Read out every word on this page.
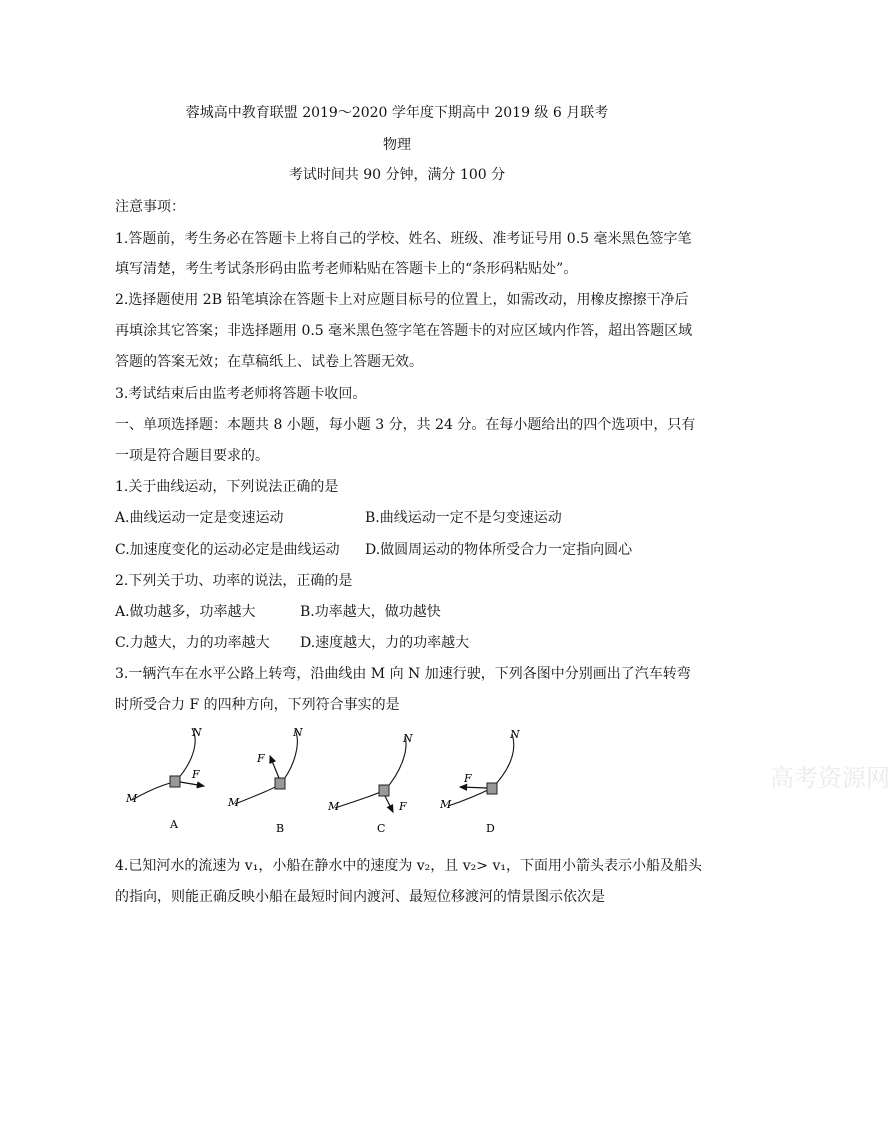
蓉城高中教育联盟 2019～2020 学年度下期高中 2019 级 6 月联考
物理
考试时间共 90 分钟，满分 100 分
注意事项：
1.答题前，考生务必在答题卡上将自己的学校、姓名、班级、准考证号用 0.5 毫米黑色签字笔
填写清楚，考生考试条形码由监考老师粘贴在答题卡上的“条形码粘贴处”。
2.选择题使用 2B 铅笔填涂在答题卡上对应题目标号的位置上，如需改动，用橡皮擦擦干净后
再填涂其它答案；非选择题用 0.5 毫米黑色签字笔在答题卡的对应区域内作答，超出答题区域
答题的答案无效；在草稿纸上、试卷上答题无效。
3.考试结束后由监考老师将答题卡收回。
一、单项选择题：本题共 8 小题，每小题 3 分，共 24 分。在每小题给出的四个选项中，只有
一项是符合题目要求的。
1.关于曲线运动，下列说法正确的是
A.曲线运动一定是变速运动	B.曲线运动一定不是匀变速运动
C.加速度变化的运动必定是曲线运动 D.做圆周运动的物体所受合力一定指向圆心
2.下列关于功、功率的说法，正确的是
A.做功越多，功率越大	B.功率越大，做功越快
C.力越大，力的功率越大 D.速度越大，力的功率越大
3.一辆汽车在水平公路上转弯，沿曲线由 M 向 N 加速行驶，下列各图中分别画出了汽车转弯
时所受合力 F 的四种方向，下列符合事实的是
M
N
F
A
M
N
F
B
M
N
F
C
M
N
F
D
4.已知河水的流速为 v₁，小船在静水中的速度为 v₂，且 v₂> v₁，下面用小箭头表示小船及船头
的指向，则能正确反映小船在最短时间内渡河、最短位移渡河的情景图示依次是
高考资源网
